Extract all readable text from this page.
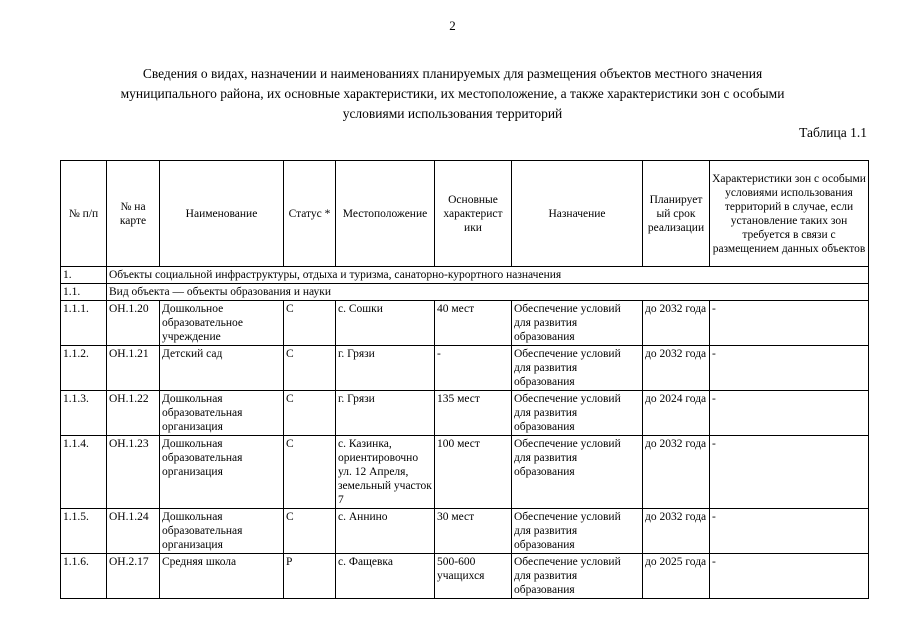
2
Сведения о видах, назначении и наименованиях планируемых для размещения объектов местного значения
муниципального района, их основные характеристики, их местоположение, а также характеристики зон с особыми
условиями использования территорий
Таблица 1.1
№ п/п	№ на карте	Наименование	Статус *	Местоположение	Основные характерист ики	Назначение	Планирует ый срок реализации	Характеристики зон с особыми условиями использования территорий в случае, если установление таких зон требуется в связи с размещением данных объектов
1.	Объекты социальной инфраструктуры, отдыха и туризма, санаторно-курортного назначения							
1.1.	Вид объекта — объекты образования и науки							
1.1.1.	ОН.1.20	Дошкольное образовательное учреждение	С	с. Сошки	40 мест	Обеспечение условий для развития образования	до 2032 года	-
1.1.2.	ОН.1.21	Детский сад	С	г. Грязи	-	Обеспечение условий для развития образования	до 2032 года	-
1.1.3.	ОН.1.22	Дошкольная образовательная организация	С	г. Грязи	135 мест	Обеспечение условий для развития образования	до 2024 года	-
1.1.4.	ОН.1.23	Дошкольная образовательная организация	С	с. Казинка, ориентировочно ул. 12 Апреля, земельный участок 7	100 мест	Обеспечение условий для развития образования	до 2032 года	-
1.1.5.	ОН.1.24	Дошкольная образовательная организация	С	с. Аннино	30 мест	Обеспечение условий для развития образования	до 2032 года	-
1.1.6.	ОН.2.17	Средняя школа	Р	с. Фащевка	500-600 учащихся	Обеспечение условий для развития образования	до 2025 года	-
